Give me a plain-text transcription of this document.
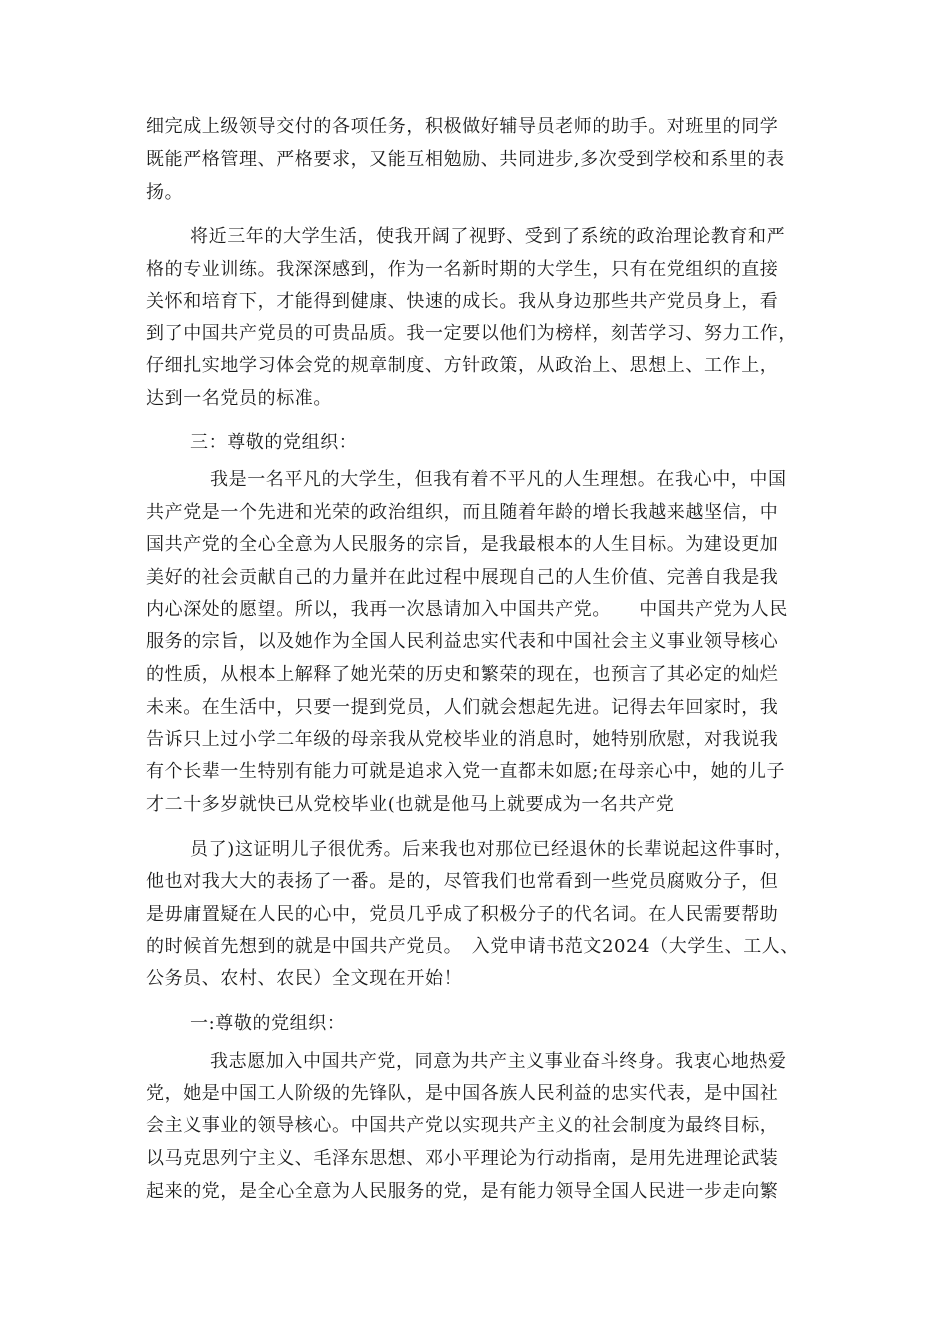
细完成上级领导交付的各项任务，积极做好辅导员老师的助手。对班里的同学
既能严格管理、严格要求，又能互相勉励、共同进步,多次受到学校和系里的表
扬。
将近三年的大学生活，使我开阔了视野、受到了系统的政治理论教育和严
格的专业训练。我深深感到，作为一名新时期的大学生，只有在党组织的直接
关怀和培育下，才能得到健康、快速的成长。我从身边那些共产党员身上，看
到了中国共产党员的可贵品质。我一定要以他们为榜样，刻苦学习、努力工作，
仔细扎实地学习体会党的规章制度、方针政策，从政治上、思想上、工作上，
达到一名党员的标准。
三：尊敬的党组织：
我是一名平凡的大学生，但我有着不平凡的人生理想。在我心中，中国
共产党是一个先进和光荣的政治组织，而且随着年龄的增长我越来越坚信，中
国共产党的全心全意为人民服务的宗旨，是我最根本的人生目标。为建设更加
美好的社会贡献自己的力量并在此过程中展现自己的人生价值、完善自我是我
内心深处的愿望。所以，我再一次恳请加入中国共产党。　　中国共产党为人民
服务的宗旨，以及她作为全国人民利益忠实代表和中国社会主义事业领导核心
的性质，从根本上解释了她光荣的历史和繁荣的现在，也预言了其必定的灿烂
未来。在生活中，只要一提到党员，人们就会想起先进。记得去年回家时，我
告诉只上过小学二年级的母亲我从党校毕业的消息时，她特别欣慰，对我说我
有个长辈一生特别有能力可就是追求入党一直都未如愿;在母亲心中，她的儿子
才二十多岁就快已从党校毕业(也就是他马上就要成为一名共产党
员了)这证明儿子很优秀。后来我也对那位已经退休的长辈说起这件事时，
他也对我大大的表扬了一番。是的，尽管我们也常看到一些党员腐败分子，但
是毋庸置疑在人民的心中，党员几乎成了积极分子的代名词。在人民需要帮助
的时候首先想到的就是中国共产党员。　入党申请书范文2024（大学生、工人、
公务员、农村、农民）全文现在开始！
一:尊敬的党组织：
我志愿加入中国共产党，同意为共产主义事业奋斗终身。我衷心地热爱
党，她是中国工人阶级的先锋队，是中国各族人民利益的忠实代表，是中国社
会主义事业的领导核心。中国共产党以实现共产主义的社会制度为最终目标，
以马克思列宁主义、毛泽东思想、邓小平理论为行动指南，是用先进理论武装
起来的党，是全心全意为人民服务的党，是有能力领导全国人民进一步走向繁
